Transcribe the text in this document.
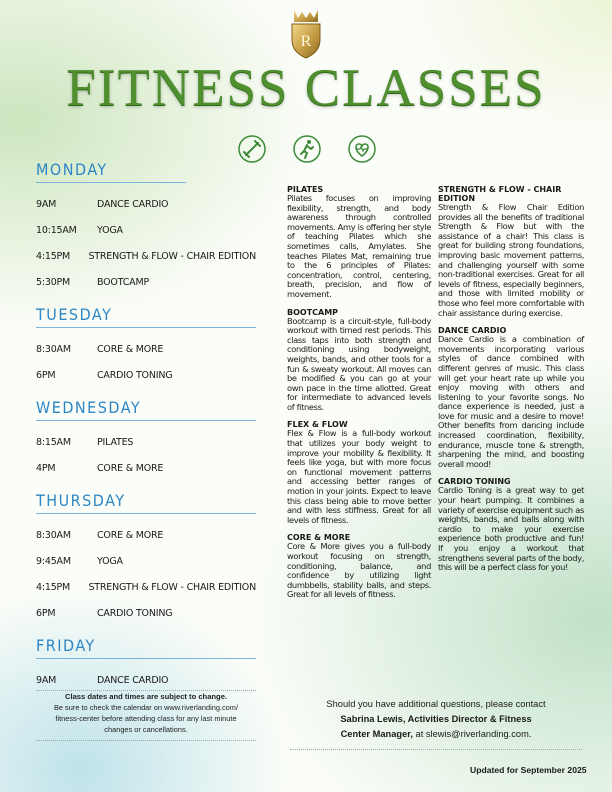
R
FITNESS CLASSES
MONDAY
9AM	DANCE CARDIO
10:15AM	YOGA
4:15PM	STRENGTH & FLOW - CHAIR EDITION
5:30PM	BOOTCAMP
TUESDAY
8:30AM	CORE & MORE
6PM	CARDIO TONING
WEDNESDAY
8:15AM	PILATES
4PM	CORE & MORE
THURSDAY
8:30AM	CORE & MORE
9:45AM	YOGA
4:15PM	STRENGTH & FLOW - CHAIR EDITION
6PM	CARDIO TONING
FRIDAY
9AM	DANCE CARDIO
Class dates and times are subject to change.
Be sure to check the calendar on www.riverlanding.com/
fitness-center before attending class for any last minute
changes or cancellations.
PILATES

Pilates focuses on improving flexibility, strength, and body awareness through controlled movements. Amy is offering her style of teaching Pilates which she sometimes calls, Amylates. She teaches Pilates Mat, remaining true to the 6 principles of Pilates: concentration, control, centering, breath, precision, and flow of movement.

BOOTCAMP

Bootcamp is a circuit-style, full-body workout with timed rest periods. This class taps into both strength and conditioning using bodyweight, weights, bands, and other tools for a fun & sweaty workout. All moves can be modified & you can go at your own pace in the time allotted. Great for intermediate to advanced levels of fitness.

FLEX & FLOW

Flex & Flow is a full-body workout that utilizes your body weight to improve your mobility & flexibility. It feels like yoga, but with more focus on functional movement patterns and accessing better ranges of motion in your joints. Expect to leave this class being able to move better and with less stiffness. Great for all levels of fitness.

CORE & MORE

Core & More gives you a full-body workout focusing on strength, conditioning, balance, and confidence by utilizing light dumbbells, stability balls, and steps. Great for all levels of fitness.

STRENGTH & FLOW - CHAIR EDITION

Strength & Flow Chair Edition provides all the benefits of traditional Strength & Flow but with the assistance of a chair! This class is great for building strong foundations, improving basic movement patterns, and challenging yourself with some non-traditional exercises. Great for all levels of fitness, especially beginners, and those with limited mobility or those who feel more comfortable with chair assistance during exercise.

DANCE CARDIO

Dance Cardio is a combination of movements incorporating various styles of dance combined with different genres of music. This class will get your heart rate up while you enjoy moving with others and listening to your favorite songs. No dance experience is needed, just a love for music and a desire to move! Other benefits from dancing include increased coordination, flexibility, endurance, muscle tone & strength, sharpening the mind, and boosting overall mood!

CARDIO TONING

Cardio Toning is a great way to get your heart pumping. It combines a variety of exercise equipment such as weights, bands, and balls along with cardio to make your exercise experience both productive and fun! If you enjoy a workout that strengthens several parts of the body, this will be a perfect class for you!

Should you have additional questions, please contact
Sabrina Lewis, Activities Director & Fitness
Center Manager, at slewis@riverlanding.com.
Updated for September 2025
